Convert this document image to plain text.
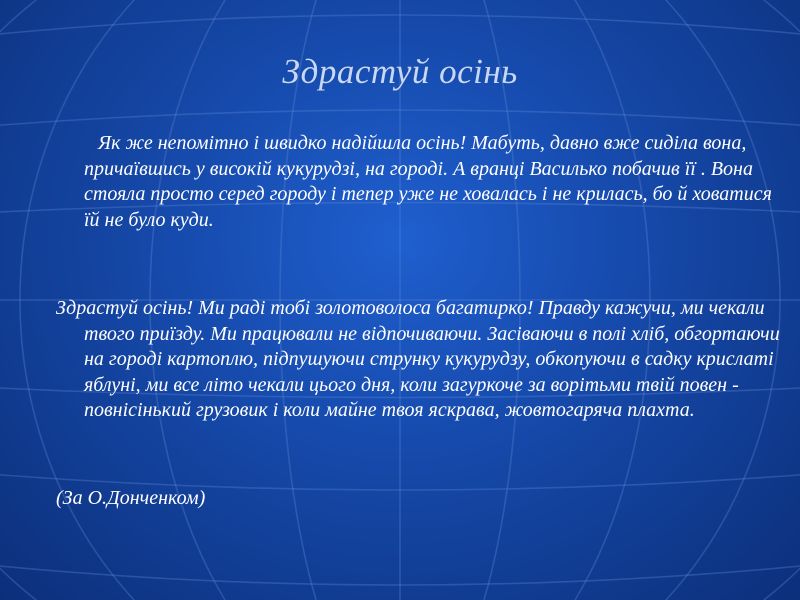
Здрастуй осінь

Як же непомітно і швидко надійшла осінь! Мабуть, давно вже сиділа вона, причаївшись у високій кукурудзі, на городі. А вранці Василько побачив її . Вона стояла просто серед городу і тепер уже не ховалась і не крилась, бо й ховатися їй не було куди.

Здрастуй осінь! Ми раді тобі золотоволоса багатирко! Правду кажучи, ми чекали твого приїзду. Ми працювали не відпочиваючи. Засіваючи в полі хліб, обгортаючи на городі картоплю, підпушуючи струнку кукурудзу, обкопуючи в садку крислаті яблуні, ми все літо чекали цього дня, коли загуркоче за ворітьми твій повен - повнісінький грузовик і коли майне твоя яскрава, жовтогаряча плахта.

(За О.Донченком)
